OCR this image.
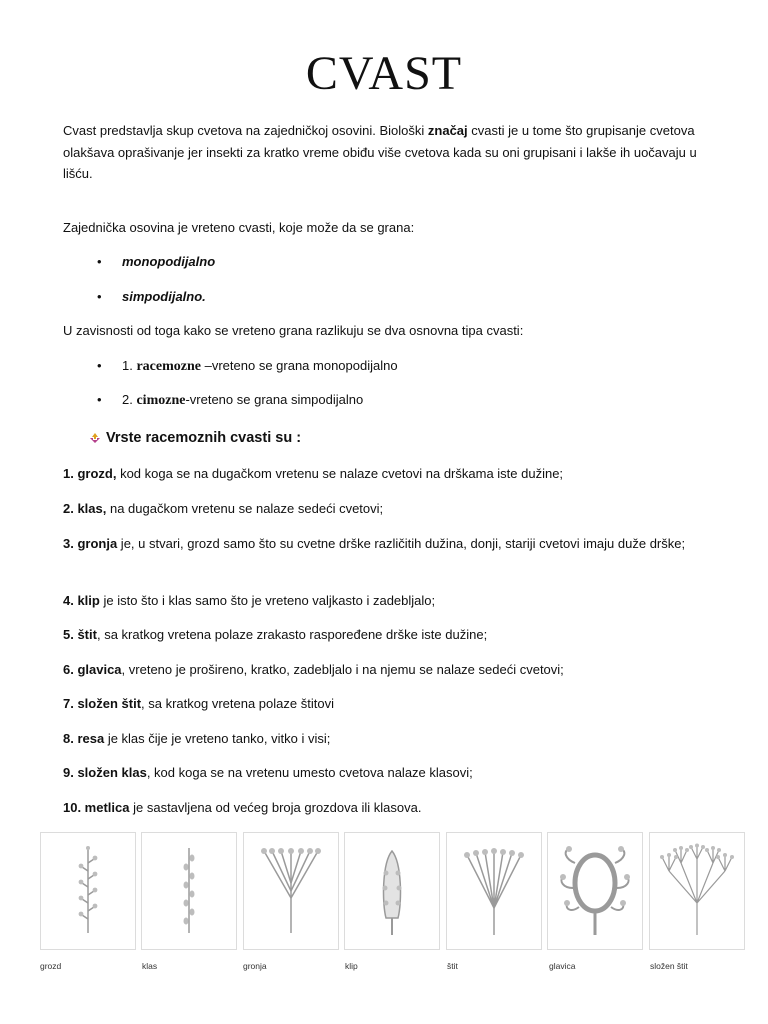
CVAST

Cvast predstavlja skup cvetova na zajedničkoj osovini. Biološki značaj cvasti je u tome što grupisanje cvetova olakšava oprašivanje jer insekti za kratko vreme obiđu više cvetova kada su oni grupisani i lakše ih uočavaju u lišću.

Zajednička osovina je vreteno cvasti, koje može da se grana:

• monopodijalno

• simpodijalno.

U zavisnosti od toga kako se vreteno grana razlikuju se dva osnovna tipa cvasti:

• 1. racemozne –vreteno se grana monopodijalno

• 2. cimozne-vreteno se grana simpodijalno

Vrste racemoznih cvasti su :

1. grozd, kod koga se na dugačkom vretenu se nalaze cvetovi na drškama iste dužine;

2. klas, na dugačkom vretenu se nalaze sedeći cvetovi;

3. gronja je, u stvari, grozd samo što su cvetne drške različitih dužina, donji, stariji cvetovi imaju duže drške;

4. klip je isto što i klas samo što je vreteno valjkasto i zadebljalo;

5. štit, sa kratkog vretena polaze zrakasto raspoređene drške iste dužine;

6. glavica, vreteno je prošireno, kratko, zadebljalo i na njemu se nalaze sedeći cvetovi;

7. složen štit, sa kratkog vretena polaze štitovi

8. resa je klas čije je vreteno tanko, vitko i visi;

9. složen klas, kod koga se na vretenu umesto cvetova nalaze klasovi;

10. metlica je sastavljena od većeg broja grozdova ili klasova.

grozd	klas	gronja	klip	štit	glavica	složen štit
